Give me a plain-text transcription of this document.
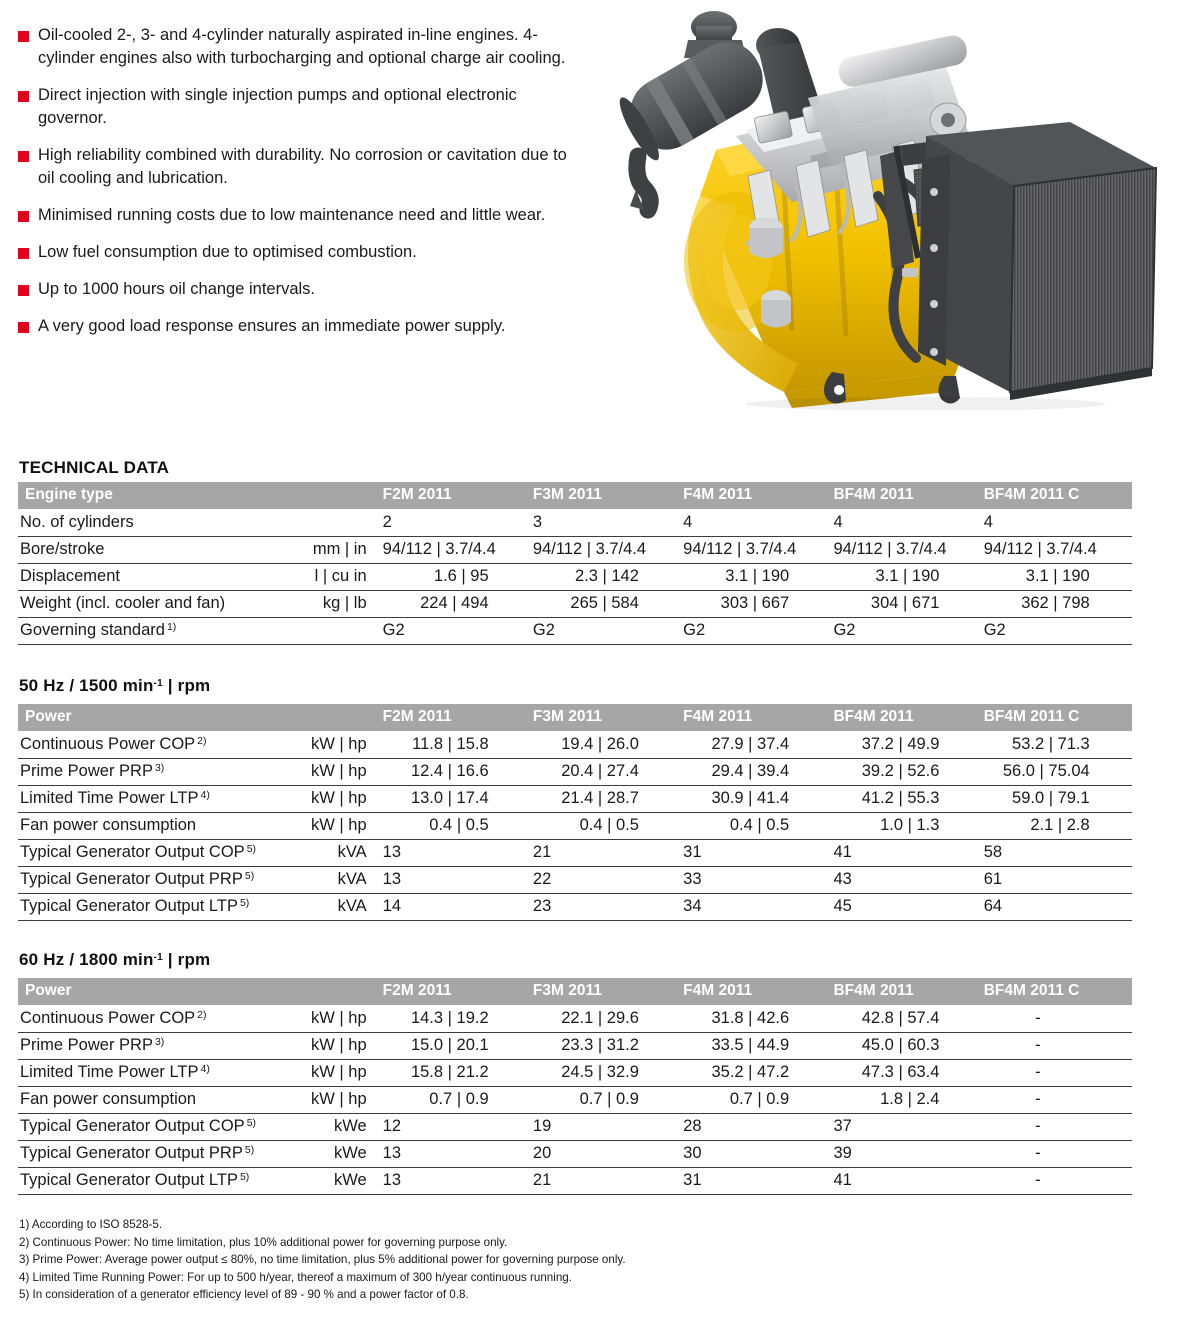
Oil-cooled 2-, 3- and 4-cylinder naturally aspirated in-line engines. 4-cylinder engines also with turbocharging and optional charge air cooling.
Direct injection with single injection pumps and optional electronic governor.
High reliability combined with durability. No corrosion or cavitation due to oil cooling and lubrication.
Minimised running costs due to low maintenance need and little wear.
Low fuel consumption due to optimised combustion.
Up to 1000 hours oil change intervals.
A very good load response ensures an immediate power supply.
TECHNICAL DATA
Engine type		F2M 2011	F3M 2011	F4M 2011	BF4M 2011	BF4M 2011 C
No. of cylinders		2	3	4	4	4
Bore/stroke	mm | in	94/112 | 3.7/4.4	94/112 | 3.7/4.4	94/112 | 3.7/4.4	94/112 | 3.7/4.4	94/112 | 3.7/4.4
Displacement	l | cu in	1.6 | 95	2.3 | 142	3.1 | 190	3.1 | 190	3.1 | 190
Weight (incl. cooler and fan)	kg | lb	224 | 494	265 | 584	303 | 667	304 | 671	362 | 798
Governing standard $^{1)}$		G2	G2	G2	G2	G2
50 Hz / 1500 $\min^{-1}$ | rpm
Power		F2M 2011	F3M 2011	F4M 2011	BF4M 2011	BF4M 2011 C
Continuous Power COP $^{2)}$	kW | hp	11.8 | 15.8	19.4 | 26.0	27.9 | 37.4	37.2 | 49.9	53.2 | 71.3
Prime Power PRP $^{3)}$	kW | hp	12.4 | 16.6	20.4 | 27.4	29.4 | 39.4	39.2 | 52.6	56.0 | 75.04
Limited Time Power LTP $^{4)}$	kW | hp	13.0 | 17.4	21.4 | 28.7	30.9 | 41.4	41.2 | 55.3	59.0 | 79.1
Fan power consumption	kW | hp	0.4 | 0.5	0.4 | 0.5	0.4 | 0.5	1.0 | 1.3	2.1 | 2.8
Typical Generator Output COP $^{5)}$	kVA	13	21	31	41	58
Typical Generator Output PRP $^{5)}$	kVA	13	22	33	43	61
Typical Generator Output LTP $^{5)}$	kVA	14	23	34	45	64
60 Hz / 1800 $\min^{-1}$ | rpm
Power		F2M 2011	F3M 2011	F4M 2011	BF4M 2011	BF4M 2011 C
Continuous Power COP $^{2)}$	kW | hp	14.3 | 19.2	22.1 | 29.6	31.8 | 42.6	42.8 | 57.4	-
Prime Power PRP $^{3)}$	kW | hp	15.0 | 20.1	23.3 | 31.2	33.5 | 44.9	45.0 | 60.3	-
Limited Time Power LTP $^{4)}$	kW | hp	15.8 | 21.2	24.5 | 32.9	35.2 | 47.2	47.3 | 63.4	-
Fan power consumption	kW | hp	0.7 | 0.9	0.7 | 0.9	0.7 | 0.9	1.8 | 2.4	-
Typical Generator Output COP $^{5)}$	kWe	12	19	28	37	-
Typical Generator Output PRP $^{5)}$	kWe	13	20	30	39	-
Typical Generator Output LTP $^{5)}$	kWe	13	21	31	41	-
1) According to ISO 8528-5.
2) Continuous Power: No time limitation, plus 10% additional power for governing purpose only.
3) Prime Power: Average power output ≤ 80%, no time limitation, plus 5% additional power for governing purpose only.
4) Limited Time Running Power: For up to 500 h/year, thereof a maximum of 300 h/year continuous running.
5) In consideration of a generator efficiency level of 89 - 90 % and a power factor of 0.8.
